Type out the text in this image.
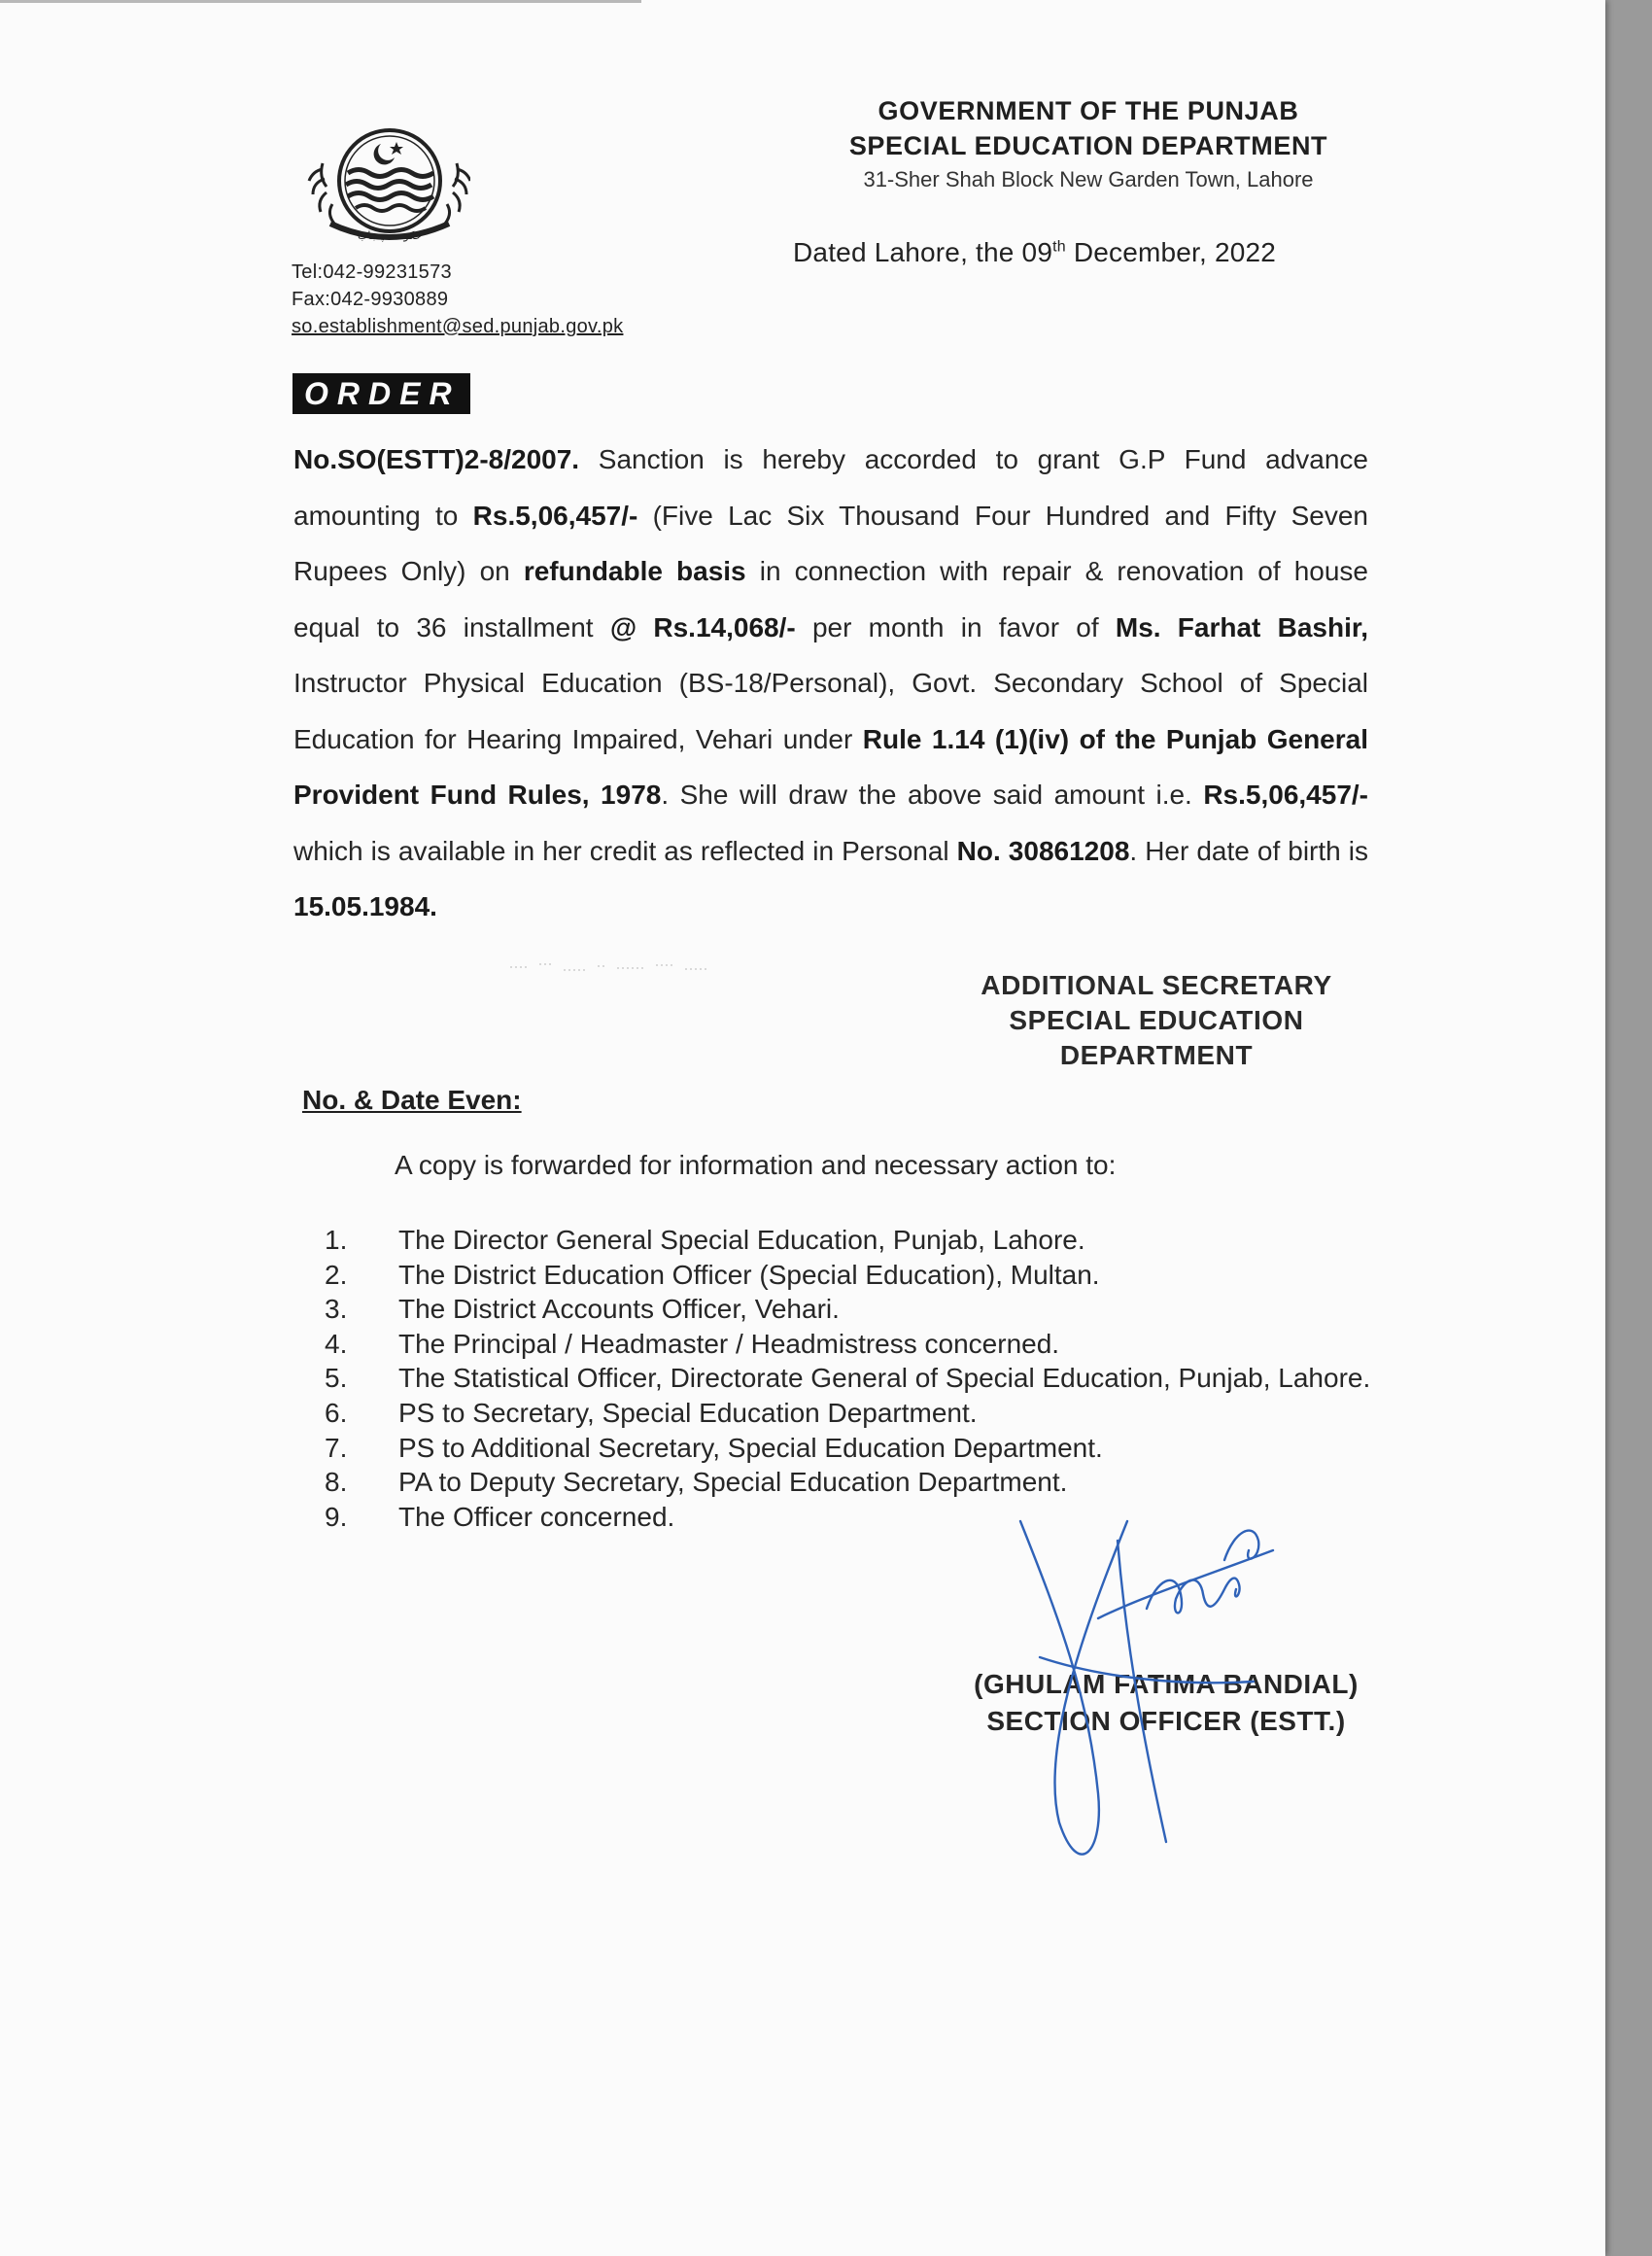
حکومت پنجاب
Tel:042-99231573
Fax:042-9930889
so.establishment@sed.punjab.gov.pk
GOVERNMENT OF THE PUNJAB
SPECIAL EDUCATION DEPARTMENT
31-Sher Shah Block New Garden Town, Lahore
Dated Lahore, the 09th December, 2022
ORDER
No.SO(ESTT)2-8/2007. Sanction is hereby accorded to grant G.P Fund advance amounting to Rs.5,06,457/- (Five Lac Six Thousand Four Hundred and Fifty Seven Rupees Only) on refundable basis in connection with repair & renovation of house equal to 36 installment @ Rs.14,068/- per month in favor of Ms. Farhat Bashir, Instructor Physical Education (BS-18/Personal), Govt. Secondary School of Special Education for Hearing Impaired, Vehari under Rule 1.14 (1)(iv) of the Punjab General Provident Fund Rules, 1978. She will draw the above said amount i.e. Rs.5,06,457/- which is available in her credit as reflected in Personal No. 30861208. Her date of birth is 15.05.1984.
ADDITIONAL SECRETARY
SPECIAL EDUCATION
DEPARTMENT
No. & Date Even:
A copy is forwarded for information and necessary action to:
1.	The Director General Special Education, Punjab, Lahore.
2.	The District Education Officer (Special Education), Multan.
3.	The District Accounts Officer, Vehari.
4.	The Principal / Headmaster / Headmistress concerned.
5.	The Statistical Officer, Directorate General of Special Education, Punjab, Lahore.
6.	PS to Secretary, Special Education Department.
7.	PS to Additional Secretary, Special Education Department.
8.	PA to Deputy Secretary, Special Education Department.
9.	The Officer concerned.
(GHULAM FATIMA BANDIAL)
SECTION OFFICER (ESTT.)
